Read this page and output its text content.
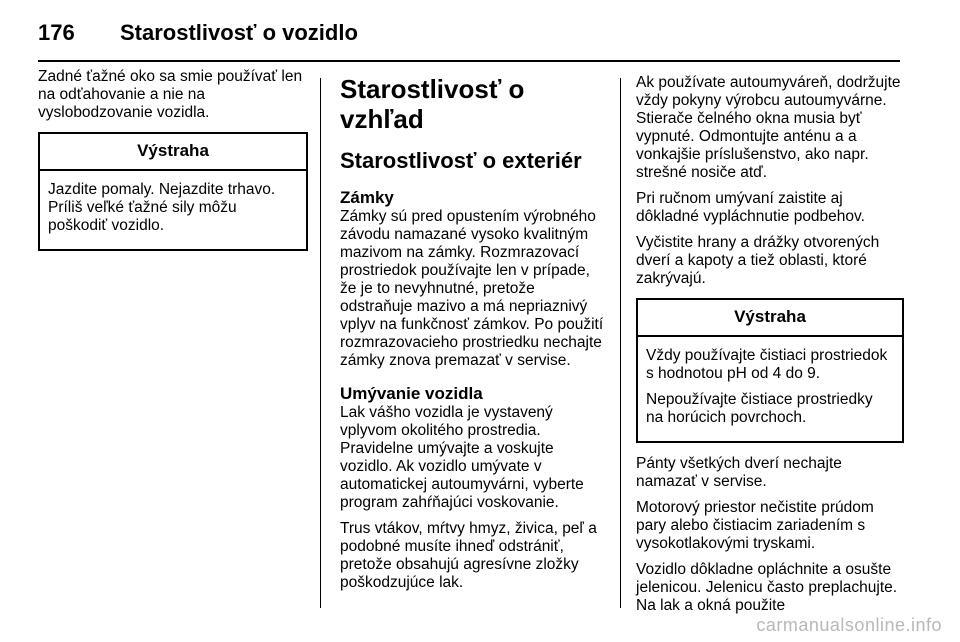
176 Starostlivosť o vozidlo

Zadné ťažné oko sa smie používať len na odťahovanie a nie na vyslobodzovanie vozidla.

Výstraha

Jazdite pomaly. Nejazdite trhavo. Príliš veľké ťažné sily môžu poškodiť vozidlo.

Starostlivosť o vzhľad
Starostlivosť o exteriér
Zámky

Zámky sú pred opustením výrobného závodu namazané vysoko kvalitným mazivom na zámky. Rozmrazovací prostriedok používajte len v prípade, že je to nevyhnutné, pretože odstraňuje mazivo a má nepriaznivý vplyv na funkčnosť zámkov. Po použití rozmrazovacieho prostriedku nechajte zámky znova premazať v servise.

Umývanie vozidla

Lak vášho vozidla je vystavený vplyvom okolitého prostredia. Pravidelne umývajte a voskujte vozidlo. Ak vozidlo umývate v automatickej autoumyvárni, vyberte program zahŕňajúci voskovanie.

Trus vtákov, mŕtvy hmyz, živica, peľ a podobné musíte ihneď odstrániť, pretože obsahujú agresívne zložky poškodzujúce lak.

Ak používate autoumyváreň, dodržujte vždy pokyny výrobcu autoumyvárne. Stierače čelného okna musia byť vypnuté. Odmontujte anténu a a vonkajšie príslušenstvo, ako napr. strešné nosiče atď.

Pri ručnom umývaní zaistite aj dôkladné vypláchnutie podbehov.

Vyčistite hrany a drážky otvorených dverí a kapoty a tiež oblasti, ktoré zakrývajú.

Výstraha

Vždy používajte čistiaci prostriedok s hodnotou pH od 4 do 9.

Nepoužívajte čistiace prostriedky na horúcich povrchoch.

Pánty všetkých dverí nechajte namazať v servise.

Motorový priestor nečistite prúdom pary alebo čistiacim zariadením s vysokotlakovými tryskami.

Vozidlo dôkladne opláchnite a osušte jelenicou. Jelenicu často preplachujte. Na lak a okná použite

carmanualsonline.info
